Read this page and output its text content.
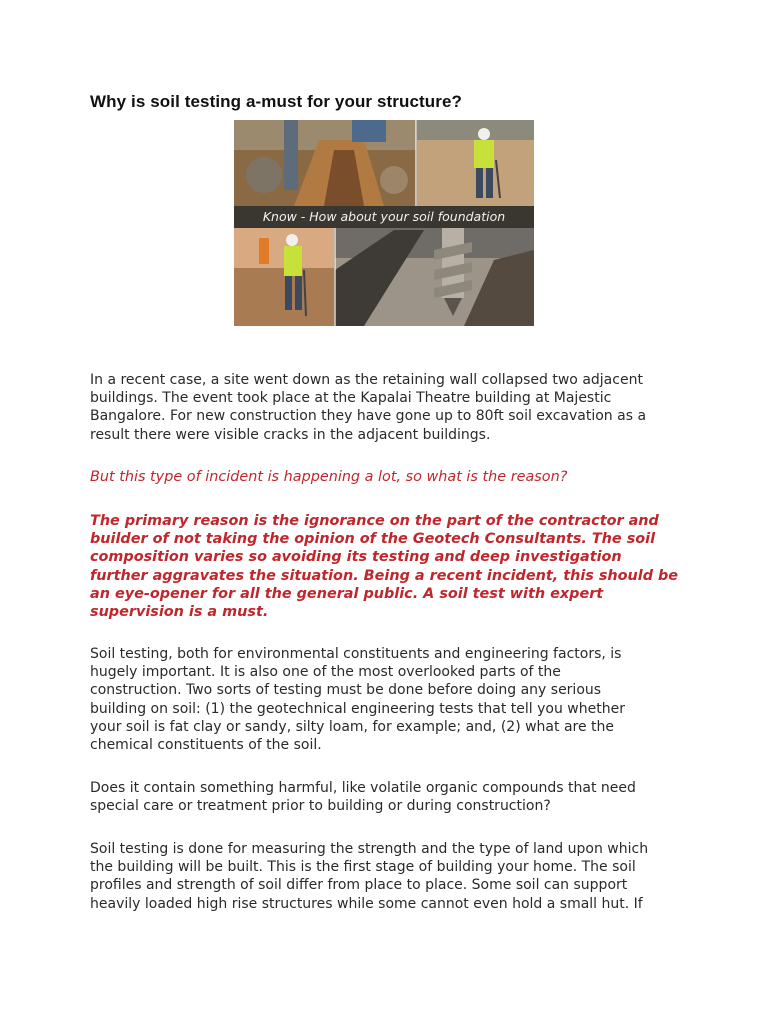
Why is soil testing a-must for your structure?
Know - How about your soil foundation

In a recent case, a site went down as the retaining wall collapsed two adjacent
buildings. The event took place at the Kapalai Theatre building at Majestic
Bangalore. For new construction they have gone up to 80ft soil excavation as a
result there were visible cracks in the adjacent buildings.

But this type of incident is happening a lot, so what is the reason?

The primary reason is the ignorance on the part of the contractor and
builder of not taking the opinion of the Geotech Consultants. The soil
composition varies so avoiding its testing and deep investigation
further aggravates the situation. Being a recent incident, this should be
an eye-opener for all the general public. A soil test with expert
supervision is a must.

Soil testing, both for environmental constituents and engineering factors, is
hugely important. It is also one of the most overlooked parts of the
construction. Two sorts of testing must be done before doing any serious
building on soil: (1) the geotechnical engineering tests that tell you whether
your soil is fat clay or sandy, silty loam, for example; and, (2) what are the
chemical constituents of the soil.

Does it contain something harmful, like volatile organic compounds that need
special care or treatment prior to building or during construction?

Soil testing is done for measuring the strength and the type of land upon which
the building will be built. This is the first stage of building your home. The soil
profiles and strength of soil differ from place to place. Some soil can support
heavily loaded high rise structures while some cannot even hold a small hut. If
